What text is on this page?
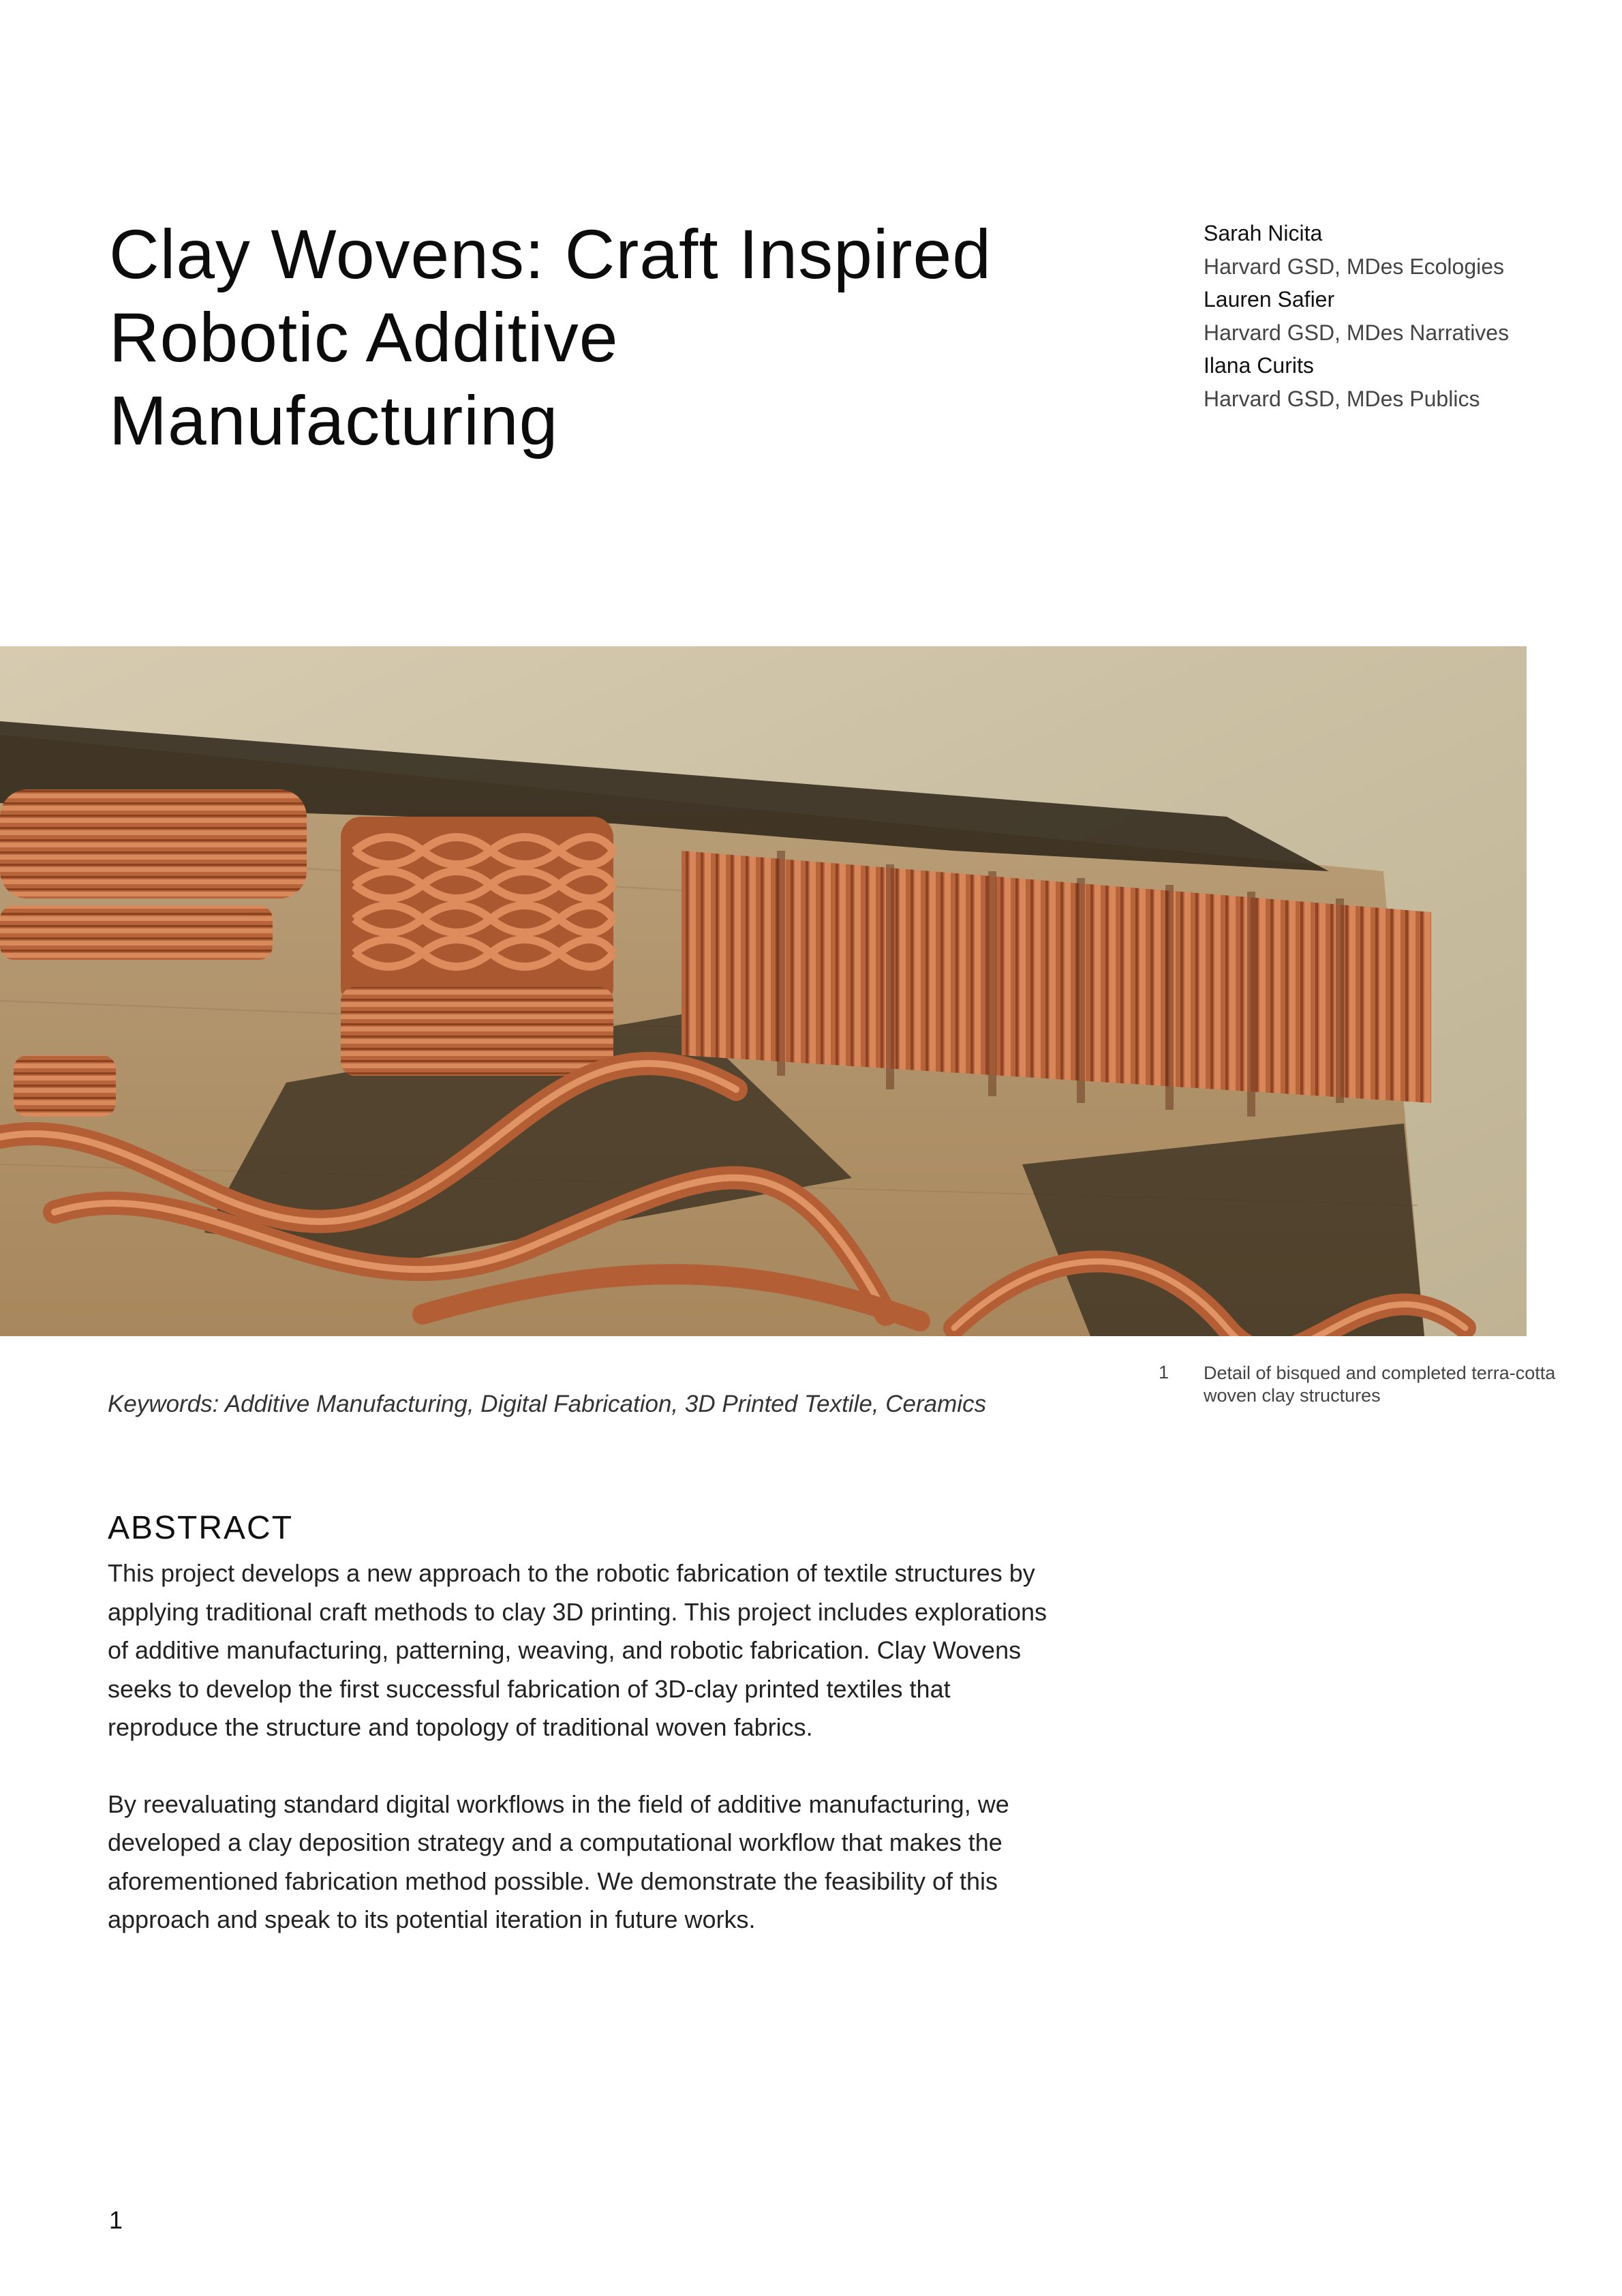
Clay Wovens: Craft Inspired Robotic Additive Manufacturing
Sarah Nicita
Harvard GSD, MDes Ecologies
Lauren Safier
Harvard GSD, MDes Narratives
Ilana Curits
Harvard GSD, MDes Publics
1 Detail of bisqued and completed terra-cotta woven clay structures
Keywords: Additive Manufacturing, Digital Fabrication, 3D Printed Textile, Ceramics
ABSTRACT

This project develops a new approach to the robotic fabrication of textile structures by applying traditional craft methods to clay 3D printing. This project includes explorations of additive manufacturing, patterning, weaving, and robotic fabrication. Clay Wovens seeks to develop the first successful fabrication of 3D-clay printed textiles that reproduce the structure and topology of traditional woven fabrics.

By reevaluating standard digital workflows in the field of additive manufacturing, we developed a clay deposition strategy and a computational workflow that makes the aforementioned fabrication method possible. We demonstrate the feasibility of this approach and speak to its potential iteration in future works.

1
